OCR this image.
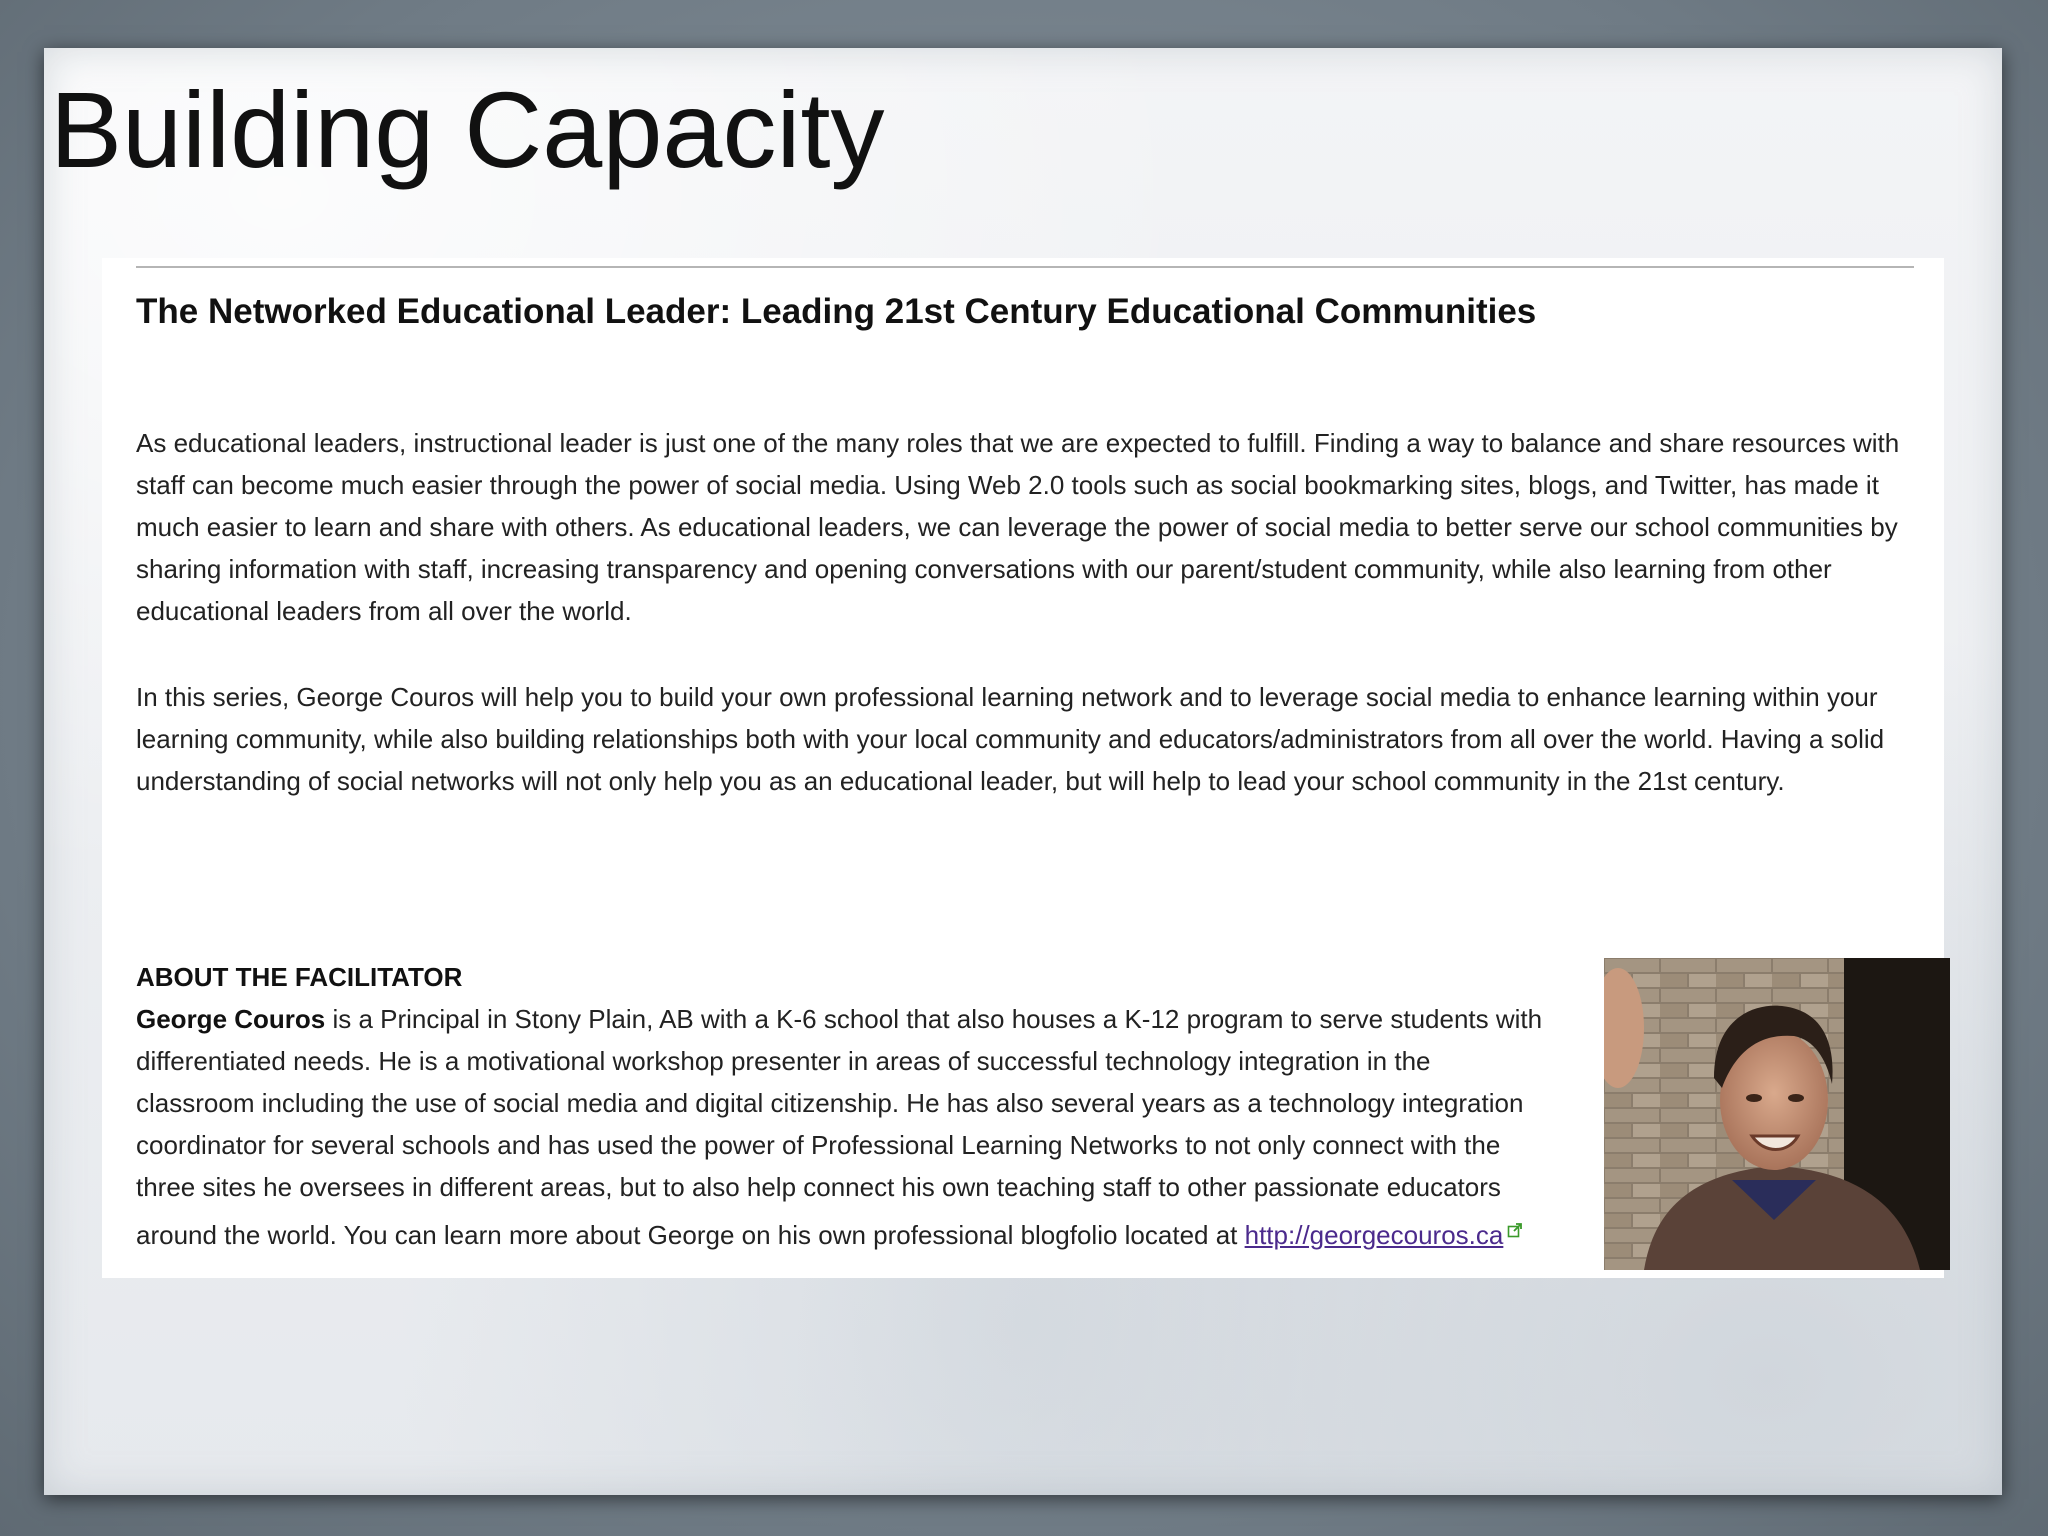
Building Capacity
The Networked Educational Leader: Leading 21st Century Educational Communities

As educational leaders, instructional leader is just one of the many roles that we are expected to fulfill. Finding a way to balance and share resources with staff can become much easier through the power of social media. Using Web 2.0 tools such as social bookmarking sites, blogs, and Twitter, has made it much easier to learn and share with others. As educational leaders, we can leverage the power of social media to better serve our school communities by sharing information with staff, increasing transparency and opening conversations with our parent/student community, while also learning from other educational leaders from all over the world.

In this series, George Couros will help you to build your own professional learning network and to leverage social media to enhance learning within your learning community, while also building relationships both with your local community and educators/administrators from all over the world. Having a solid understanding of social networks will not only help you as an educational leader, but will help to lead your school community in the 21st century.

ABOUT THE FACILITATOR

George Couros is a Principal in Stony Plain, AB with a K-6 school that also houses a K-12 program to serve students with differentiated needs. He is a motivational workshop presenter in areas of successful technology integration in the classroom including the use of social media and digital citizenship. He has also several years as a technology integration coordinator for several schools and has used the power of Professional Learning Networks to not only connect with the three sites he oversees in different areas, but to also help connect his own teaching staff to other passionate educators around the world. You can learn more about George on his own professional blogfolio located at http://georgecouros.ca
